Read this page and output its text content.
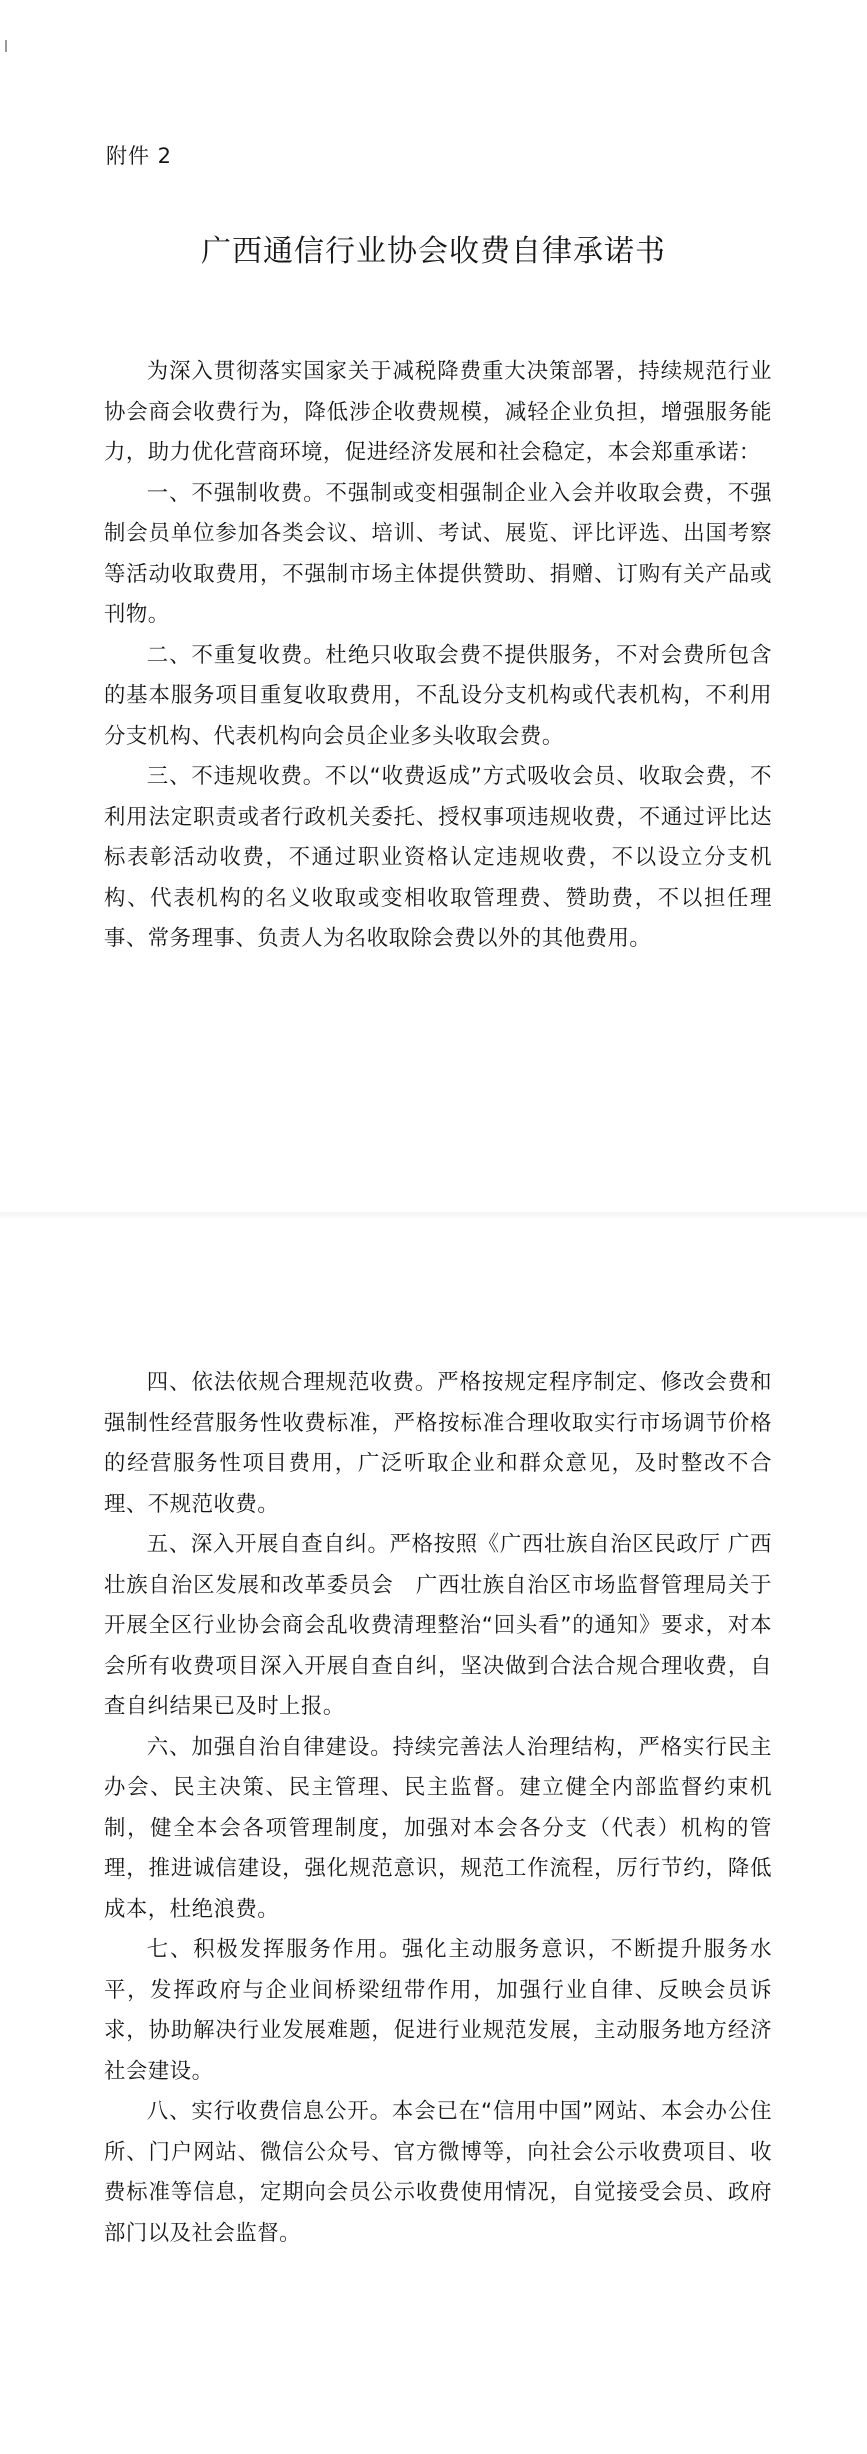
附件 2
广西通信行业协会收费自律承诺书

为深入贯彻落实国家关于减税降费重大决策部署，持续规范行业协会商会收费行为，降低涉企收费规模，减轻企业负担，增强服务能力，助力优化营商环境，促进经济发展和社会稳定，本会郑重承诺：

一、不强制收费。不强制或变相强制企业入会并收取会费，不强制会员单位参加各类会议、培训、考试、展览、评比评选、出国考察等活动收取费用，不强制市场主体提供赞助、捐赠、订购有关产品或刊物。

二、不重复收费。杜绝只收取会费不提供服务，不对会费所包含的基本服务项目重复收取费用，不乱设分支机构或代表机构，不利用分支机构、代表机构向会员企业多头收取会费。

三、不违规收费。不以“收费返成”方式吸收会员、收取会费，不利用法定职责或者行政机关委托、授权事项违规收费，不通过评比达标表彰活动收费，不通过职业资格认定违规收费，不以设立分支机构、代表机构的名义收取或变相收取管理费、赞助费，不以担任理事、常务理事、负责人为名收取除会费以外的其他费用。

四、依法依规合理规范收费。严格按规定程序制定、修改会费和强制性经营服务性收费标准，严格按标准合理收取实行市场调节价格的经营服务性项目费用，广泛听取企业和群众意见，及时整改不合理、不规范收费。

五、深入开展自查自纠。严格按照《广西壮族自治区民政厅 广西壮族自治区发展和改革委员会　广西壮族自治区市场监督管理局关于开展全区行业协会商会乱收费清理整治“回头看”的通知》要求，对本会所有收费项目深入开展自查自纠，坚决做到合法合规合理收费，自查自纠结果已及时上报。

六、加强自治自律建设。持续完善法人治理结构，严格实行民主办会、民主决策、民主管理、民主监督。建立健全内部监督约束机制，健全本会各项管理制度，加强对本会各分支（代表）机构的管理，推进诚信建设，强化规范意识，规范工作流程，厉行节约，降低成本，杜绝浪费。

七、积极发挥服务作用。强化主动服务意识，不断提升服务水平，发挥政府与企业间桥梁纽带作用，加强行业自律、反映会员诉求，协助解决行业发展难题，促进行业规范发展，主动服务地方经济社会建设。

八、实行收费信息公开。本会已在“信用中国”网站、本会办公住所、门户网站、微信公众号、官方微博等，向社会公示收费项目、收费标准等信息，定期向会员公示收费使用情况，自觉接受会员、政府部门以及社会监督。
